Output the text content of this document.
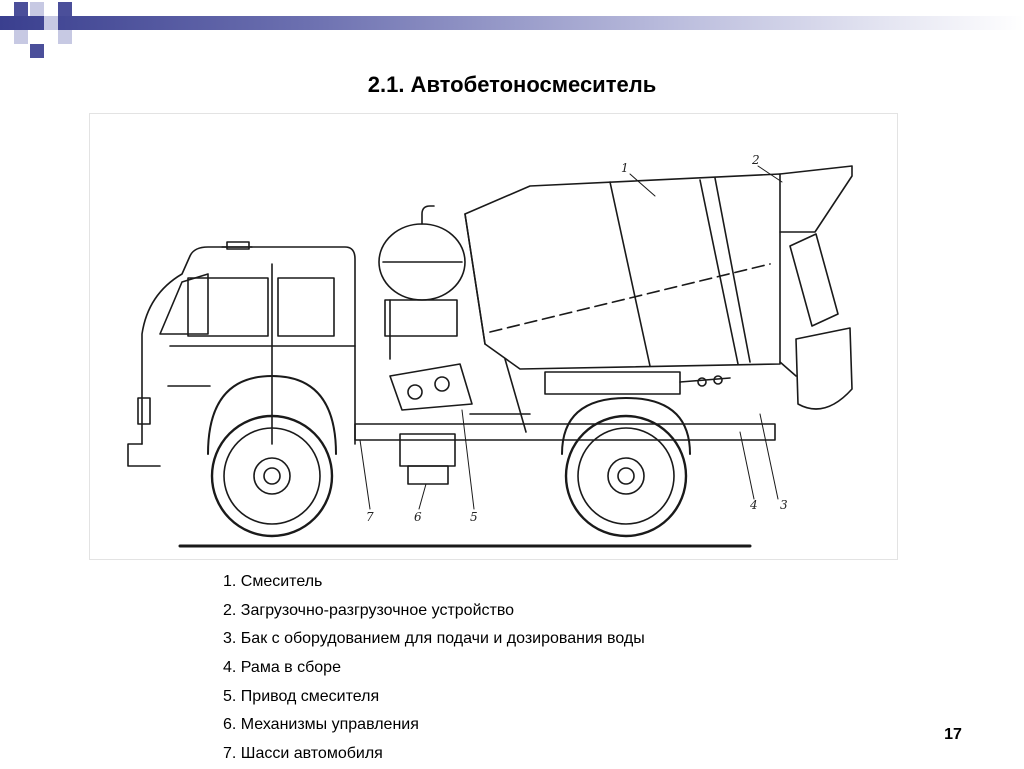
2.1. Автобетоносмеситель
1
2
3
4
5
6
7
1. Смеситель
2. Загрузочно-разгрузочное устройство
3. Бак с оборудованием для подачи и дозирования воды
4. Рама в сборе
5. Привод смесителя
6. Механизмы управления
7. Шасси автомобиля
17
